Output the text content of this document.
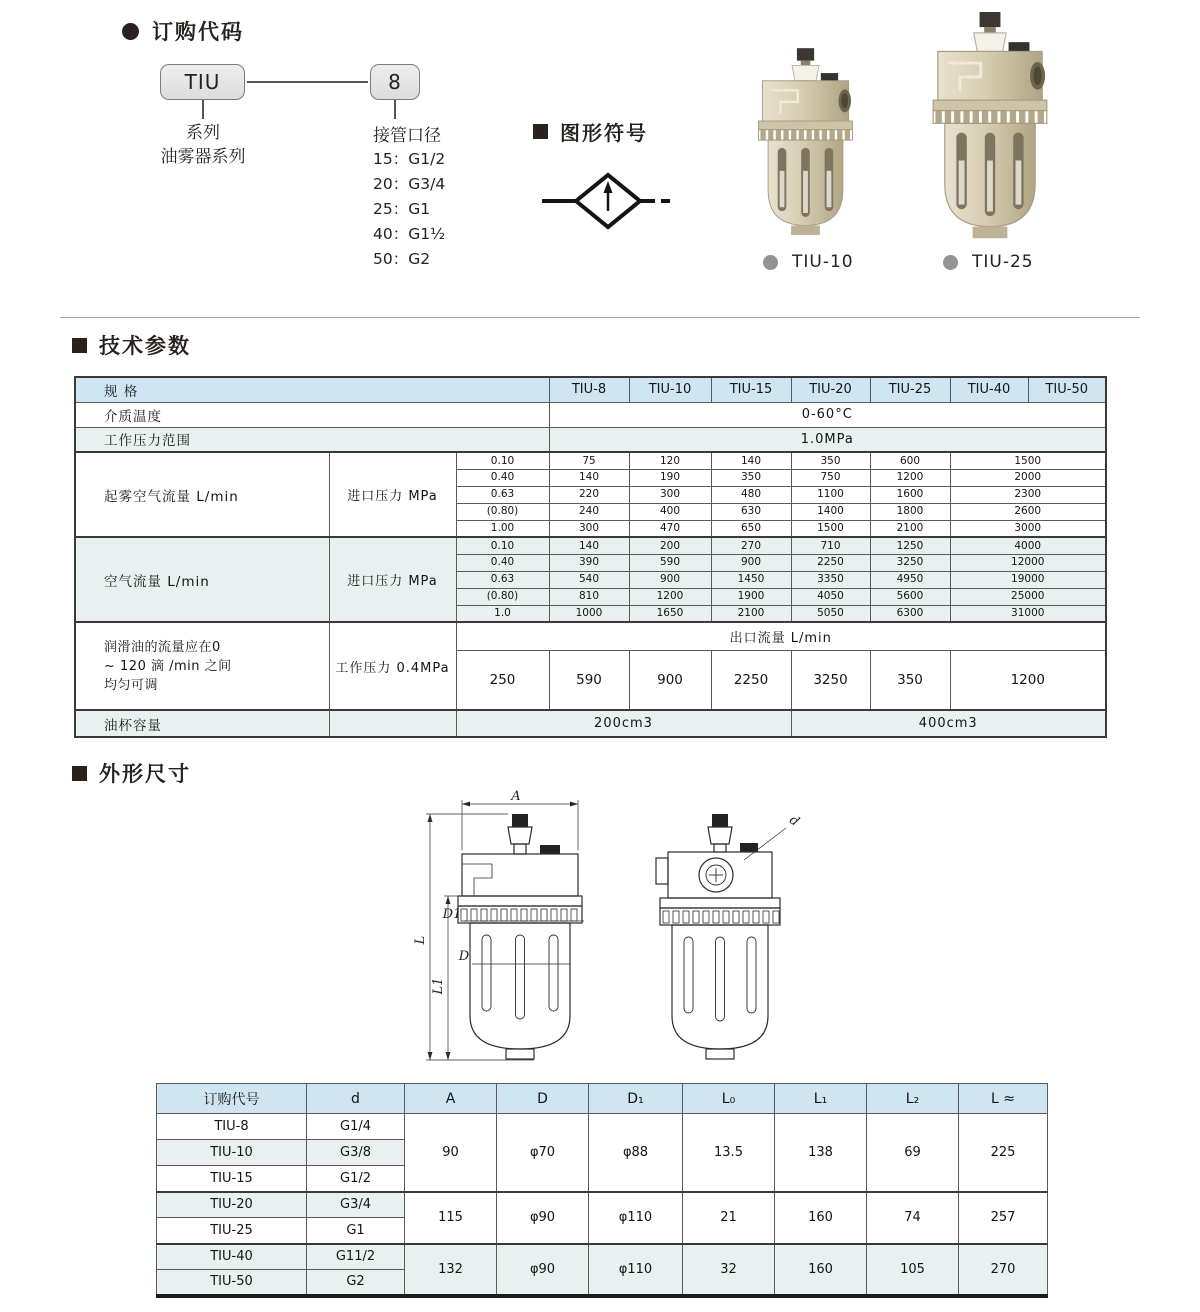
订购代码
TIU	8
系列
油雾器系列
接管口径
15：G1/2
20：G3/4
25：G1
40：G1½
50：G2
图形符号
TIU-10	TIU-25
技术参数
规 格			TIU-8	TIU-10	TIU-15	TIU-20	TIU-25	TIU-40	TIU-50
介质温度			0-60°C						
工作压力范围			1.0MPa						
起雾空气流量 L/min	进口压力 MPa	0.10	75	120	140	350	600	1500	
		0.40	140	190	350	750	1200	2000	
		0.63	220	300	480	1100	1600	2300	
		(0.80)	240	400	630	1400	1800	2600	
		1.00	300	470	650	1500	2100	3000	
空气流量 L/min	进口压力 MPa	0.10	140	200	270	710	1250	4000	
		0.40	390	590	900	2250	3250	12000	
		0.63	540	900	1450	3350	4950	19000	
		(0.80)	810	1200	1900	4050	5600	25000	
		1.0	1000	1650	2100	5050	6300	31000	

润滑油的流量应在0
~ 120 滴 /min 之间
均匀可调	工作压力 0.4MPa	出口流量 L/min							
		250	590	900	2250	3250	350	1200	
油杯容量		200cm3				400cm3			
外形尺寸
A
L
L1
D1
D
d
订购代号	d	A	D	D₁	L₀	L₁	L₂	L ≈
TIU-8	G1/4	90	φ70	φ88	13.5	138	69	225
TIU-10	G3/8							
TIU-15	G1/2							
TIU-20	G3/4	115	φ90	φ110	21	160	74	257
TIU-25	G1							
TIU-40	G11/2	132	φ90	φ110	32	160	105	270
TIU-50	G2							
